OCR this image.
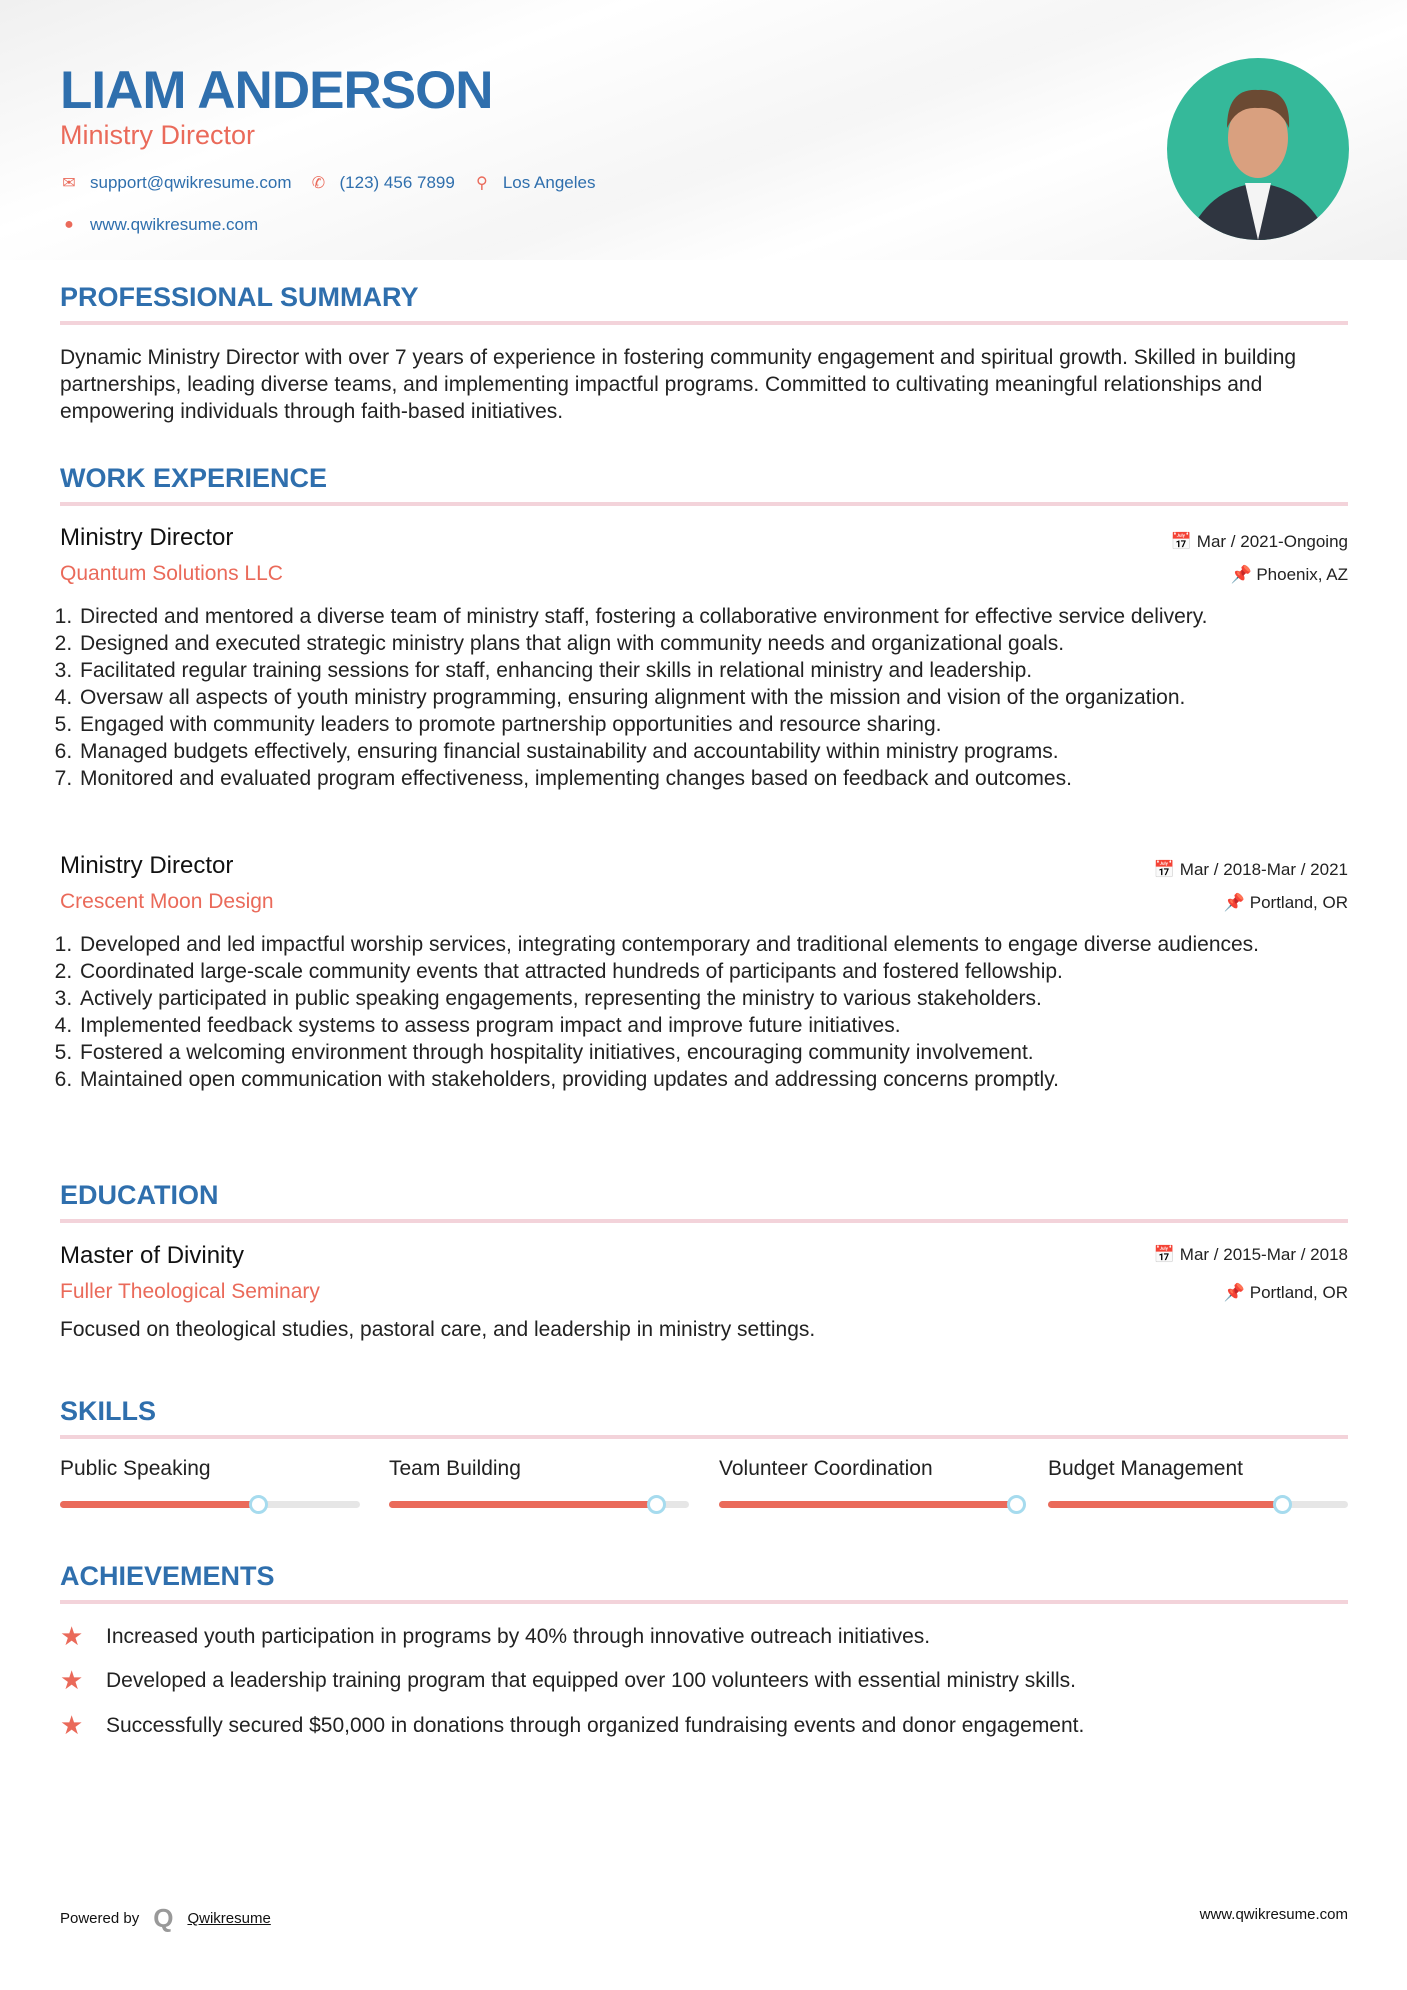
LIAM ANDERSON
Ministry Director
✉ support@qwikresume.com ✆ (123) 456 7899	⚲ Los Angeles
● www.qwikresume.com
PROFESSIONAL SUMMARY
Dynamic Ministry Director with over 7 years of experience in fostering community engagement and spiritual growth. Skilled in building partnerships, leading diverse teams, and implementing impactful programs. Committed to cultivating meaningful relationships and empowering individuals through faith-based initiatives.
WORK EXPERIENCE
Ministry Director
Quantum Solutions LLC
📅 Mar / 2021-Ongoing
📌 Phoenix, AZ
1. Directed and mentored a diverse team of ministry staff, fostering a collaborative environment for effective service delivery.
2. Designed and executed strategic ministry plans that align with community needs and organizational goals.
3. Facilitated regular training sessions for staff, enhancing their skills in relational ministry and leadership.
4. Oversaw all aspects of youth ministry programming, ensuring alignment with the mission and vision of the organization.
5. Engaged with community leaders to promote partnership opportunities and resource sharing.
6. Managed budgets effectively, ensuring financial sustainability and accountability within ministry programs.
7. Monitored and evaluated program effectiveness, implementing changes based on feedback and outcomes.
Ministry Director
Crescent Moon Design
📅 Mar / 2018-Mar / 2021
📌 Portland, OR
1. Developed and led impactful worship services, integrating contemporary and traditional elements to engage diverse audiences.
2. Coordinated large-scale community events that attracted hundreds of participants and fostered fellowship.
3. Actively participated in public speaking engagements, representing the ministry to various stakeholders.
4. Implemented feedback systems to assess program impact and improve future initiatives.
5. Fostered a welcoming environment through hospitality initiatives, encouraging community involvement.
6. Maintained open communication with stakeholders, providing updates and addressing concerns promptly.
EDUCATION
Master of Divinity
Fuller Theological Seminary
📅 Mar / 2015-Mar / 2018
📌 Portland, OR
Focused on theological studies, pastoral care, and leadership in ministry settings.
SKILLS
Public Speaking	Team Building	Volunteer Coordination	Budget Management
ACHIEVEMENTS
★	Increased youth participation in programs by 40% through innovative outreach initiatives.
★	Developed a leadership training program that equipped over 100 volunteers with essential ministry skills.
★	Successfully secured $50,000 in donations through organized fundraising events and donor engagement.
Powered by Q Qwikresume	www.qwikresume.com
